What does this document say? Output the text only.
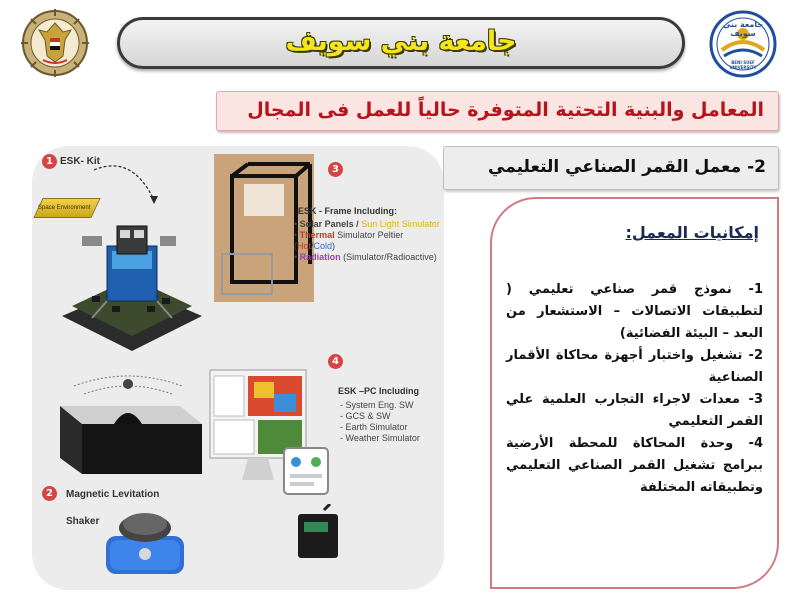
جامعة بني سويف
جامعة بني سويف
BENI SUEF UNIVERSITY
المعامل والبنية التحتية المتوفرة حالياً للعمل فى المجال
1 ESK- Kit
Space Environment
2	Magnetic Levitation
Shaker
3
ESK - Frame Including:
• Solar Panels / Sun Light Simulator
• Thermal Simulator Peltier (Hot/Cold)
• Radiation (Simulator/Radioactive)
4
ESK –PC Including
- System Eng. SW
- GCS & SW
- Earth Simulator
- Weather Simulator
2- معمل القمر الصناعي التعليمي
إمكانيات المعمل:
1- نموذج قمر صناعي تعليمي ( لتطبيقات الاتصالات – الاستشعار من البعد – البيئة الفضائية)
2- تشغيل واختبار أجهزة محاكاة الأقمار الصناعية
3- معدات لاجراء التجارب العلمية علي القمر التعليمي
4- وحدة المحاكاة للمحطة الأرضية ببرامج تشغيل القمر الصناعي التعليمي وتطبيقاته المختلفة
